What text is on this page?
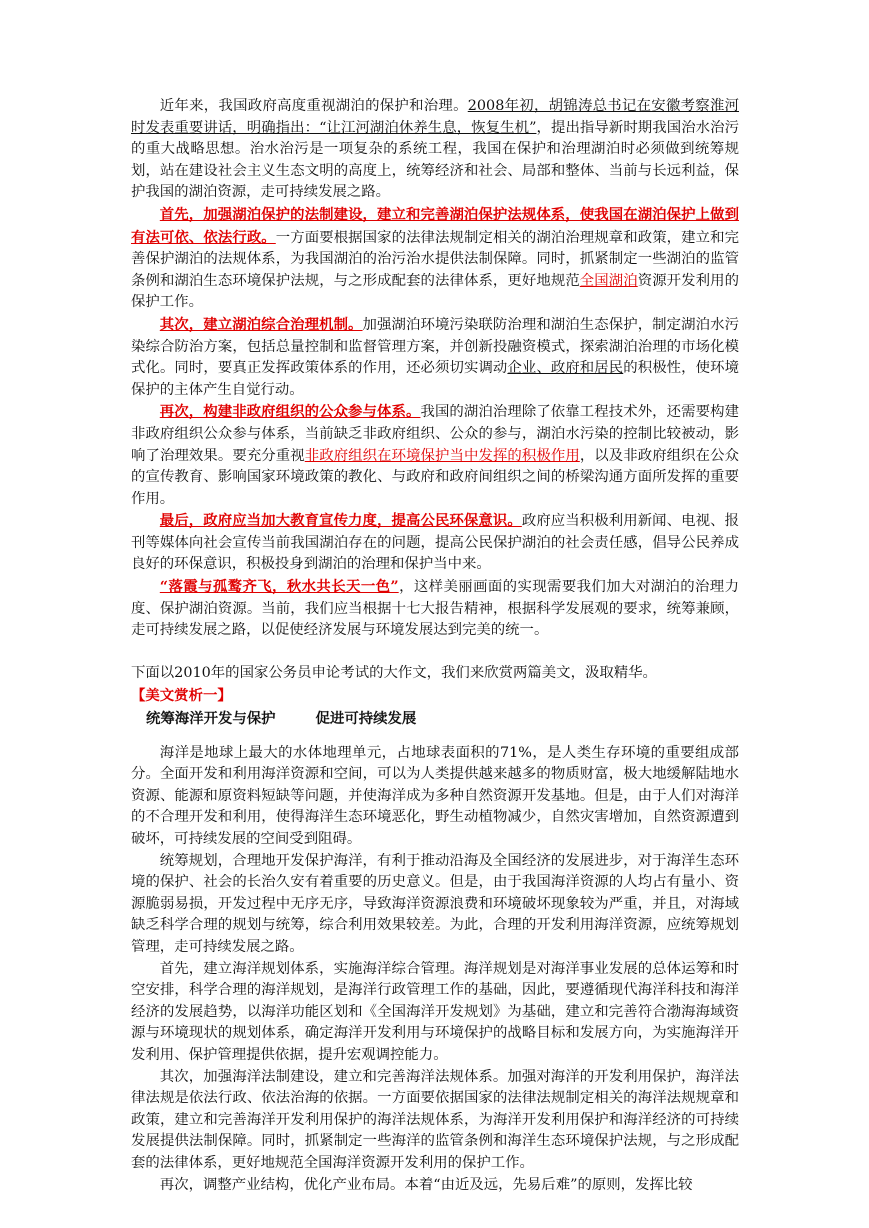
近年来，我国政府高度重视湖泊的保护和治理。2008年初，胡锦涛总书记在安徽考察淮河时发表重要讲话，明确指出：“让江河湖泊休养生息，恢复生机”，提出指导新时期我国治水治污的重大战略思想。治水治污是一项复杂的系统工程，我国在保护和治理湖泊时必须做到统筹规划，站在建设社会主义生态文明的高度上，统筹经济和社会、局部和整体、当前与长远利益，保护我国的湖泊资源，走可持续发展之路。

首先，加强湖泊保护的法制建设，建立和完善湖泊保护法规体系，使我国在湖泊保护上做到有法可依、依法行政。一方面要根据国家的法律法规制定相关的湖泊治理规章和政策，建立和完善保护湖泊的法规体系，为我国湖泊的治污治水提供法制保障。同时，抓紧制定一些湖泊的监管条例和湖泊生态环境保护法规，与之形成配套的法律体系，更好地规范全国湖泊资源开发利用的保护工作。

其次，建立湖泊综合治理机制。加强湖泊环境污染联防治理和湖泊生态保护，制定湖泊水污染综合防治方案，包括总量控制和监督管理方案，并创新投融资模式，探索湖泊治理的市场化模式化。同时，要真正发挥政策体系的作用，还必须切实调动企业、政府和居民的积极性，使环境保护的主体产生自觉行动。

再次，构建非政府组织的公众参与体系。我国的湖泊治理除了依靠工程技术外，还需要构建非政府组织公众参与体系，当前缺乏非政府组织、公众的参与，湖泊水污染的控制比较被动，影响了治理效果。要充分重视非政府组织在环境保护当中发挥的积极作用，以及非政府组织在公众的宣传教育、影响国家环境政策的教化、与政府和政府间组织之间的桥梁沟通方面所发挥的重要作用。

最后，政府应当加大教育宣传力度，提高公民环保意识。政府应当积极利用新闻、电视、报刊等媒体向社会宣传当前我国湖泊存在的问题，提高公民保护湖泊的社会责任感，倡导公民养成良好的环保意识，积极投身到湖泊的治理和保护当中来。

“落霞与孤鹜齐飞，秋水共长天一色”，这样美丽画面的实现需要我们加大对湖泊的治理力度、保护湖泊资源。当前，我们应当根据十七大报告精神，根据科学发展观的要求，统筹兼顾，走可持续发展之路，以促使经济发展与环境发展达到完美的统一。

下面以2010年的国家公务员申论考试的大作文，我们来欣赏两篇美文，汲取精华。

【美文赏析一】

统筹海洋开发与保护	促进可持续发展

海洋是地球上最大的水体地理单元，占地球表面积的71%，是人类生存环境的重要组成部分。全面开发和利用海洋资源和空间，可以为人类提供越来越多的物质财富，极大地缓解陆地水资源、能源和原资料短缺等问题，并使海洋成为多种自然资源开发基地。但是，由于人们对海洋的不合理开发和利用，使得海洋生态环境恶化，野生动植物减少，自然灾害增加，自然资源遭到破坏，可持续发展的空间受到阻碍。

统筹规划，合理地开发保护海洋，有利于推动沿海及全国经济的发展进步，对于海洋生态环境的保护、社会的长治久安有着重要的历史意义。但是，由于我国海洋资源的人均占有量小、资源脆弱易损，开发过程中无序无序，导致海洋资源浪费和环境破坏现象较为严重，并且，对海域缺乏科学合理的规划与统筹，综合利用效果较差。为此，合理的开发利用海洋资源，应统筹规划管理，走可持续发展之路。

首先，建立海洋规划体系，实施海洋综合管理。海洋规划是对海洋事业发展的总体运筹和时空安排，科学合理的海洋规划，是海洋行政管理工作的基础，因此，要遵循现代海洋科技和海洋经济的发展趋势，以海洋功能区划和《全国海洋开发规划》为基础，建立和完善符合渤海海域资源与环境现状的规划体系，确定海洋开发利用与环境保护的战略目标和发展方向，为实施海洋开发利用、保护管理提供依据，提升宏观调控能力。

其次，加强海洋法制建设，建立和完善海洋法规体系。加强对海洋的开发利用保护，海洋法律法规是依法行政、依法治海的依据。一方面要依据国家的法律法规制定相关的海洋法规规章和政策，建立和完善海洋开发利用保护的海洋法规体系，为海洋开发利用保护和海洋经济的可持续发展提供法制保障。同时，抓紧制定一些海洋的监管条例和海洋生态环境保护法规，与之形成配套的法律体系，更好地规范全国海洋资源开发利用的保护工作。

再次，调整产业结构，优化产业布局。本着“由近及远，先易后难”的原则，发挥比较
